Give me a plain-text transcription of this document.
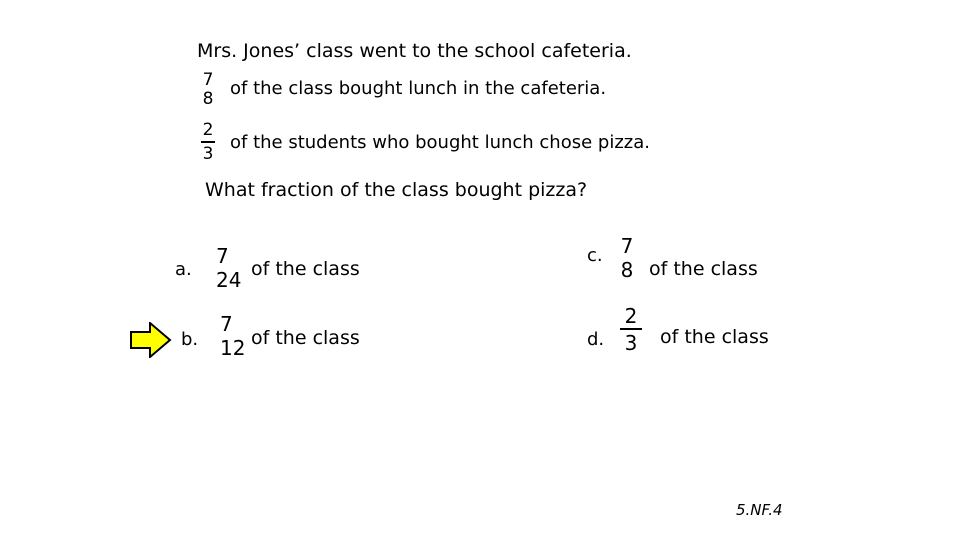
Mrs. Jones’ class went to the school cafeteria.
7
8 of the class bought lunch in the cafeteria.
2
3
of the students who bought lunch chose pizza.
What fraction of the class bought pizza?
a.
7
24 of the class
b.
7
12 of the class
c. 7
8 of the class
d.
2
3 of the class
5.NF.4
